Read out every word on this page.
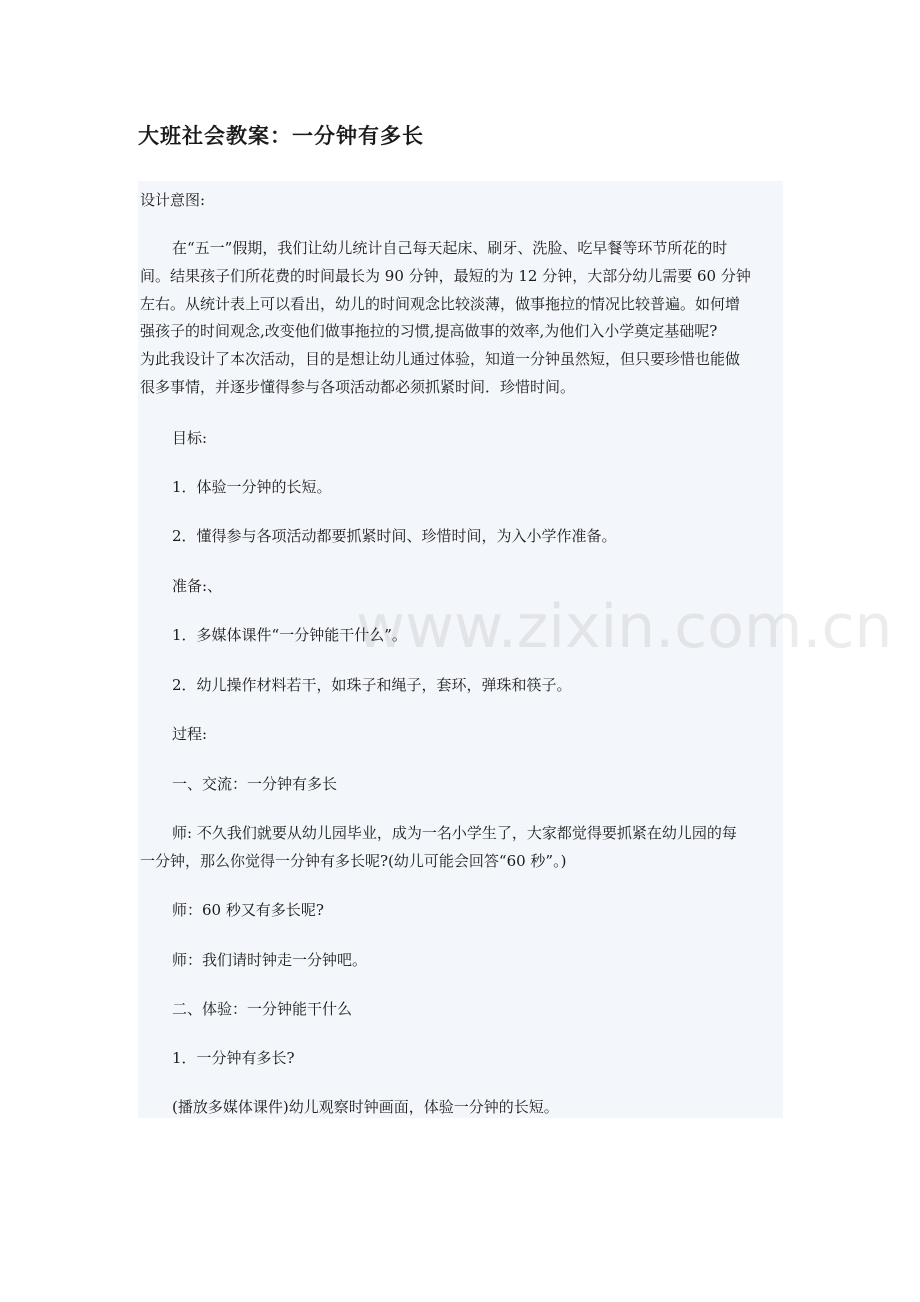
大班社会教案：一分钟有多长
www.zixin.com.cn
设计意图:
在“五一”假期，我们让幼儿统计自己每天起床、刷牙、洗脸、吃早餐等环节所花的时
间。结果孩子们所花费的时间最长为 90 分钟，最短的为 12 分钟，大部分幼儿需要 60 分钟
左右。从统计表上可以看出，幼儿的时间观念比较淡薄，做事拖拉的情况比较普遍。如何增
强孩子的时间观念,改变他们做事拖拉的习惯,提高做事的效率,为他们入小学奠定基础呢?
为此我设计了本次活动，目的是想让幼儿通过体验，知道一分钟虽然短，但只要珍惜也能做
很多事情，并逐步懂得参与各项活动都必须抓紧时间．珍惜时间。
目标:
1．体验一分钟的长短。
2．懂得参与各项活动都要抓紧时间、珍惜时间，为入小学作准备。
准备:、
1．多媒体课件“一分钟能干什么”。
2．幼儿操作材料若干，如珠子和绳子，套环，弹珠和筷子。
过程:
一、交流：一分钟有多长
师: 不久我们就要从幼儿园毕业，成为一名小学生了，大家都觉得要抓紧在幼儿园的每
一分钟，那么你觉得一分钟有多长呢?(幼儿可能会回答“60 秒”。)
师：60 秒又有多长呢?
师：我们请时钟走一分钟吧。
二、体验：一分钟能干什么
1．一分钟有多长?
(播放多媒体课件)幼儿观察时钟画面，体验一分钟的长短。
